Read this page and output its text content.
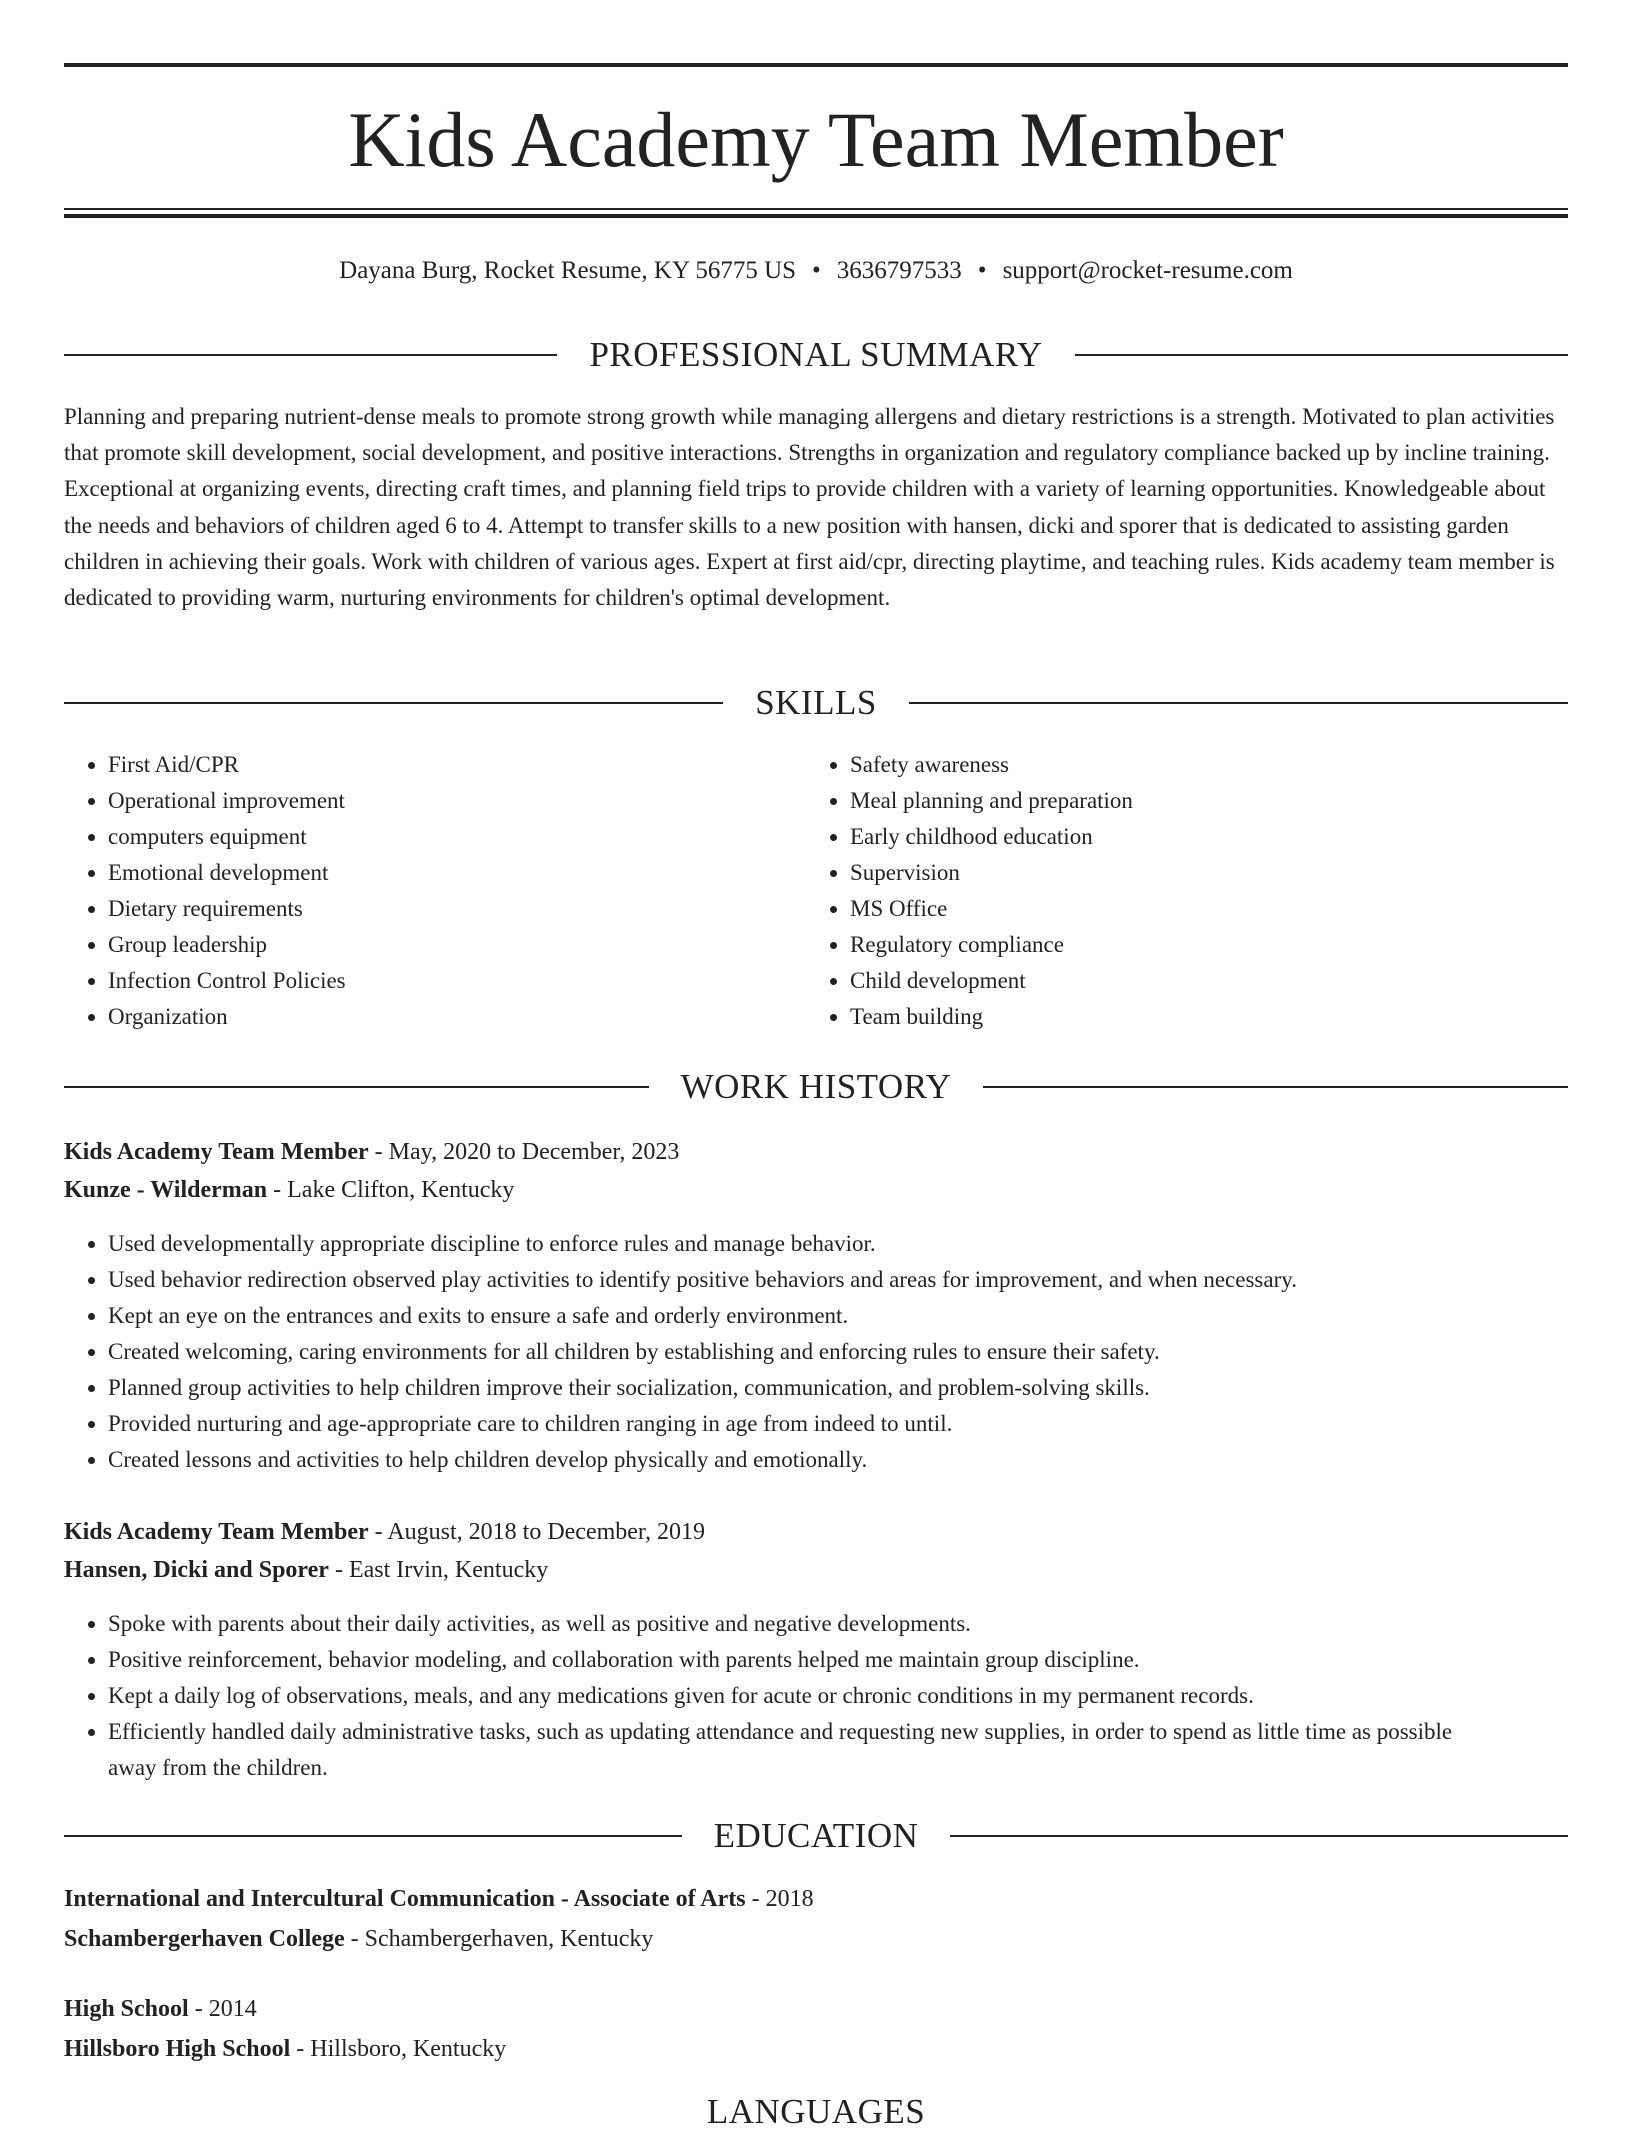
Kids Academy Team Member
Dayana Burg, Rocket Resume, KY 56775 US • 3636797533 • support@rocket-resume.com
PROFESSIONAL SUMMARY

Planning and preparing nutrient-dense meals to promote strong growth while managing allergens and dietary restrictions is a strength. Motivated to plan activities that promote skill development, social development, and positive interactions. Strengths in organization and regulatory compliance backed up by incline training. Exceptional at organizing events, directing craft times, and planning field trips to provide children with a variety of learning opportunities. Knowledgeable about the needs and behaviors of children aged 6 to 4. Attempt to transfer skills to a new position with hansen, dicki and sporer that is dedicated to assisting garden children in achieving their goals. Work with children of various ages. Expert at first aid/cpr, directing playtime, and teaching rules. Kids academy team member is dedicated to providing warm, nurturing environments for children's optimal development.

SKILLS
• First Aid/CPR
• Operational improvement
• computers equipment
• Emotional development
• Dietary requirements
• Group leadership
• Infection Control Policies
• Organization
• Safety awareness
• Meal planning and preparation
• Early childhood education
• Supervision
• MS Office
• Regulatory compliance
• Child development
• Team building
WORK HISTORY
Kids Academy Team Member - May, 2020 to December, 2023
Kunze - Wilderman - Lake Clifton, Kentucky
• Used developmentally appropriate discipline to enforce rules and manage behavior.
• Used behavior redirection observed play activities to identify positive behaviors and areas for improvement, and when necessary.
• Kept an eye on the entrances and exits to ensure a safe and orderly environment.
• Created welcoming, caring environments for all children by establishing and enforcing rules to ensure their safety.
• Planned group activities to help children improve their socialization, communication, and problem-solving skills.
• Provided nurturing and age-appropriate care to children ranging in age from indeed to until.
• Created lessons and activities to help children develop physically and emotionally.
Kids Academy Team Member - August, 2018 to December, 2019
Hansen, Dicki and Sporer - East Irvin, Kentucky
• Spoke with parents about their daily activities, as well as positive and negative developments.
• Positive reinforcement, behavior modeling, and collaboration with parents helped me maintain group discipline.
• Kept a daily log of observations, meals, and any medications given for acute or chronic conditions in my permanent records.
• Efficiently handled daily administrative tasks, such as updating attendance and requesting new supplies, in order to spend as little time as possible away from the children.
EDUCATION
International and Intercultural Communication - Associate of Arts - 2018
Schambergerhaven College - Schambergerhaven, Kentucky
High School - 2014
Hillsboro High School - Hillsboro, Kentucky
LANGUAGES
